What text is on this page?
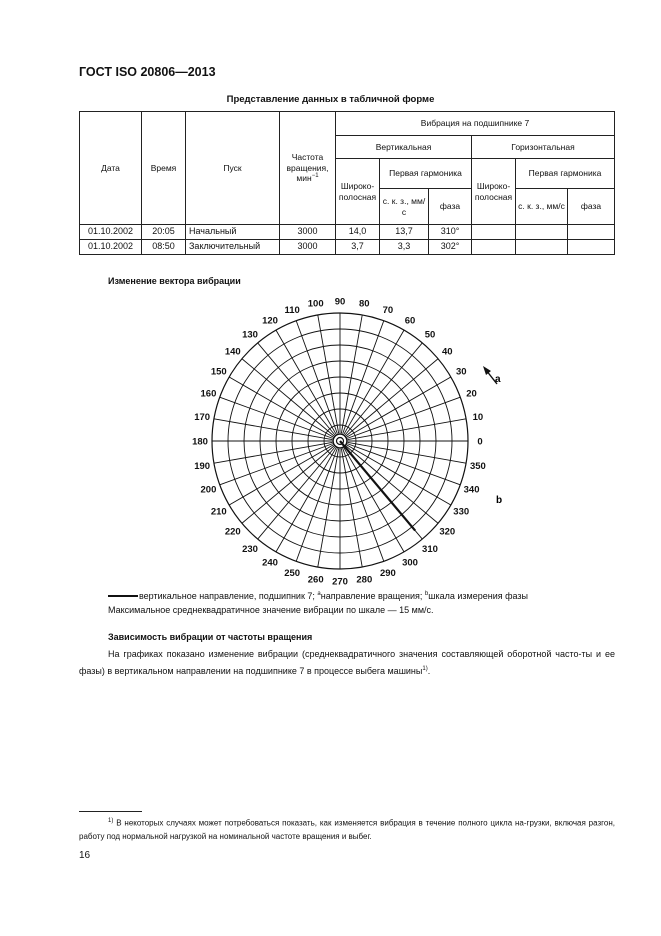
ГОСТ ISO 20806—2013
Представление данных в табличной форме
Дата	Время	Пуск	Частота вращения, мин$^{-1}$	Вибрация на подшипнике 7					
				Вертикальная			Горизонтальная		
				Широко-полосная	Первая гармоника		Широко-полосная	Первая гармоника	
					с. к. з., мм/с	фаза		с. к. з., мм/с	фаза
01.10.2002	20:05	Начальный	3000	14,0	13,7	310°			
01.10.2002	08:50	Заключительный	3000	3,7	3,3	302°			
Изменение вектора вибрации
0
10
20
30
40
50
60
70
80
90
100
110
120
130
140
150
160
170
180
190
200
210
220
230
240
250
260 270 280
290
300
310
320
330
340
350
a
b
вертикальное направление, подшипник 7; $^a$направление вращения; $^b$шкала измерения фазы
Максимальное среднеквадратичное значение вибрации по шкале — 15 мм/с.
Зависимость вибрации от частоты вращения
На графиках показано изменение вибрации (среднеквадратичного значения составляющей оборотной часто-ты и ее фазы) в вертикальном направлении на подшипнике 7 в процессе выбега машины$^{1)}$.
$^{1)}$ В некоторых случаях может потребоваться показать, как изменяется вибрация в течение полного цикла на-грузки, включая разгон, работу под нормальной нагрузкой на номинальной частоте вращения и выбег.
16
